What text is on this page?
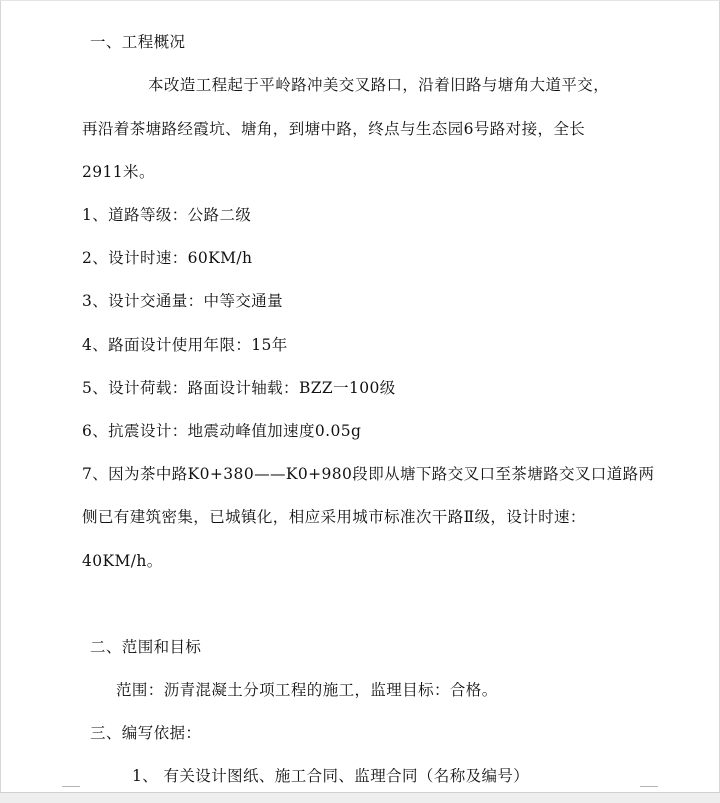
一、工程概况
本改造工程起于平岭路冲美交叉路口，沿着旧路与塘角大道平交，
再沿着茶塘路经霞坑、塘角，到塘中路，终点与生态园6号路对接，全长
2911米。
1、道路等级：公路二级
2、设计时速：60KM/h
3、设计交通量：中等交通量
4、路面设计使用年限：15年
5、设计荷载：路面设计轴载：BZZ一100级
6、抗震设计：地震动峰值加速度0.05g
7、因为茶中路K0+380——K0+980段即从塘下路交叉口至茶塘路交叉口道路两
侧已有建筑密集，已城镇化，相应采用城市标准次干路Ⅱ级，设计时速：
40KM/h。
二、范围和目标
范围：沥青混凝土分项工程的施工，监理目标：合格。
三、编写依据：
1、 有关设计图纸、施工合同、监理合同（名称及编号）
